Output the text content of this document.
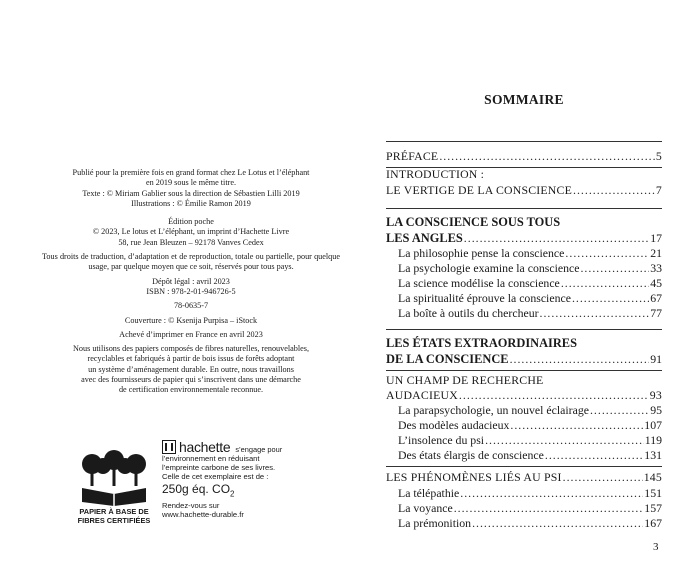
Publié pour la première fois en grand format chez Le Lotus et l’éléphant
en 2019 sous le même titre.
Texte : © Miriam Gablier sous la direction de Sébastien Lilli 2019
Illustrations : © Émilie Ramon 2019

Édition poche
© 2023, Le lotus et L’éléphant, un imprint d’Hachette Livre
58, rue Jean Bleuzen – 92178 Vanves Cedex

Tous droits de traduction, d’adaptation et de reproduction, totale ou partielle, pour quelque usage, par quelque moyen que ce soit, réservés pour tous pays.

Dépôt légal : avril 2023
ISBN : 978-2-01-946726-5

78-0635-7

Couverture : © Ksenija Purpisa – iStock

Achevé d’imprimer en France en avril 2023

Nous utilisons des papiers composés de fibres naturelles, renouvelables,
recyclables et fabriqués à partir de bois issus de forêts adoptant
un système d’aménagement durable. En outre, nous travaillons
avec des fournisseurs de papier qui s’inscrivent dans une démarche
de certification environnementale reconnue.

PAPIER À BASE DE
FIBRES CERTIFIÉES
hachette s’engage pour
l’environnement en réduisant
l’empreinte carbone de ses livres.
Celle de cet exemplaire est de :
250g éq. $CO_2$
Rendez-vous sur
www.hachette-durable.fr
SOMMAIRE
PRÉFACE .....	5
INTRODUCTION :
LE VERTIGE DE LA CONSCIENCE .....	7
LA CONSCIENCE SOUS TOUS
LES ANGLES .....	17
La philosophie pense la conscience .....	21
La psychologie examine la conscience .....	33
La science modélise la conscience .....	45
La spiritualité éprouve la conscience .....	67
La boîte à outils du chercheur .....	77
LES ÉTATS EXTRAORDINAIRES
DE LA CONSCIENCE .....	91
UN CHAMP DE RECHERCHE
AUDACIEUX .....	93
La parapsychologie, un nouvel éclairage .....	95
Des modèles audacieux .....	107
L’insolence du psi .....	119
Des états élargis de conscience .....	131
LES PHÉNOMÈNES LIÉS AU PSI .....	145
La télépathie .....	151
La voyance .....	157
La prémonition .....	167
3
